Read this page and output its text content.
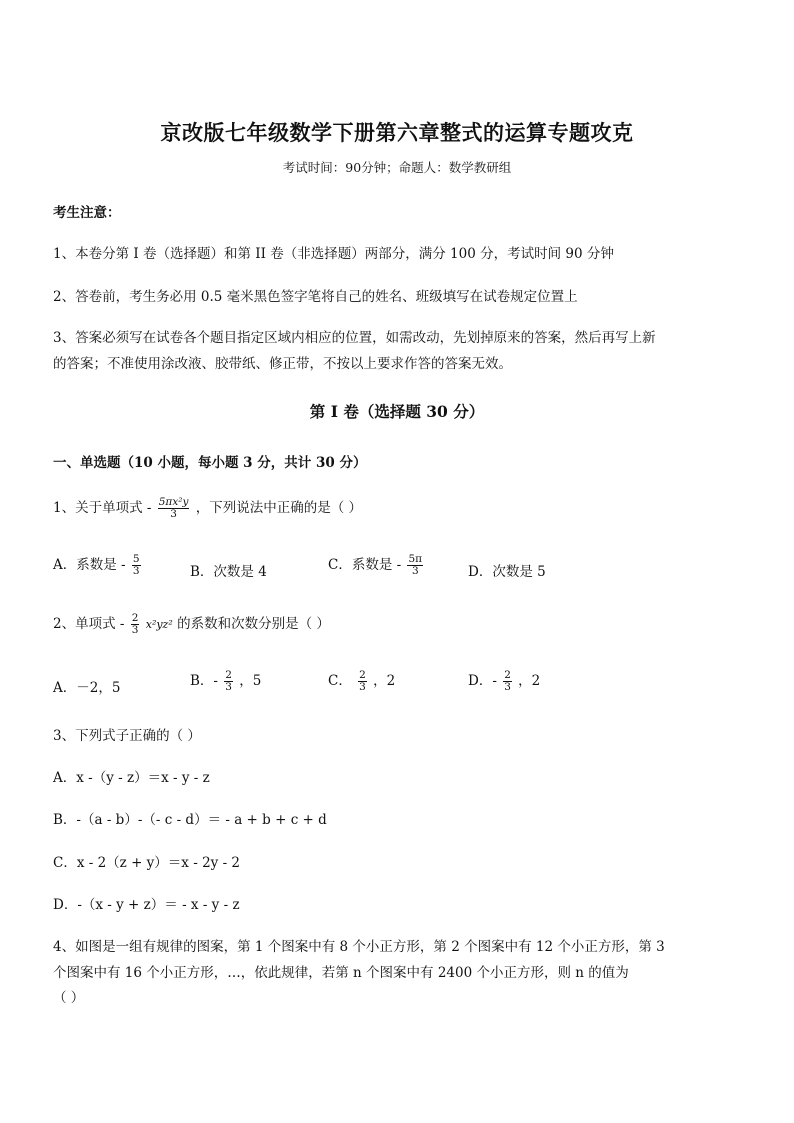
京改版七年级数学下册第六章整式的运算专题攻克
考试时间：90分钟；命题人：数学教研组
考生注意：
1、本卷分第 I 卷（选择题）和第 II 卷（非选择题）两部分，满分 100 分，考试时间 90 分钟
2、答卷前，考生务必用 0.5 毫米黑色签字笔将自己的姓名、班级填写在试卷规定位置上
3、答案必须写在试卷各个题目指定区域内相应的位置，如需改动，先划掉原来的答案，然后再写上新
的答案；不准使用涂改液、胶带纸、修正带，不按以上要求作答的答案无效。
第 I 卷（选择题 30 分）
一、单选题（10 小题，每小题 3 分，共计 30 分）
1、关于单项式 - $\frac{\text{5πx²y}}{3}$ ，下列说法中正确的是（ ）
A．系数是 - $\frac{5}{3}$	B．次数是 4	C．系数是 - $\frac{5\pi}{3}$	D．次数是 5
2、单项式 - $\frac{2}{3} x^2yz^2$ 的系数和次数分别是（ ）
A．－2，5	B．- $\frac{2}{3}$ ，5	C． $\frac{2}{3}$ ，2	D．- $\frac{2}{3}$ ，2
3、下列式子正确的（ ）
A．x -（y - z）＝x - y - z
B．-（a - b）-（- c - d）＝ - a + b + c + d
C．x - 2（z + y）＝x - 2y - 2
D．-（x - y + z）＝ - x - y - z
4、如图是一组有规律的图案，第 1 个图案中有 8 个小正方形，第 2 个图案中有 12 个小正方形，第 3
个图案中有 16 个小正方形，…，依此规律，若第 n 个图案中有 2400 个小正方形，则 n 的值为
（ ）
